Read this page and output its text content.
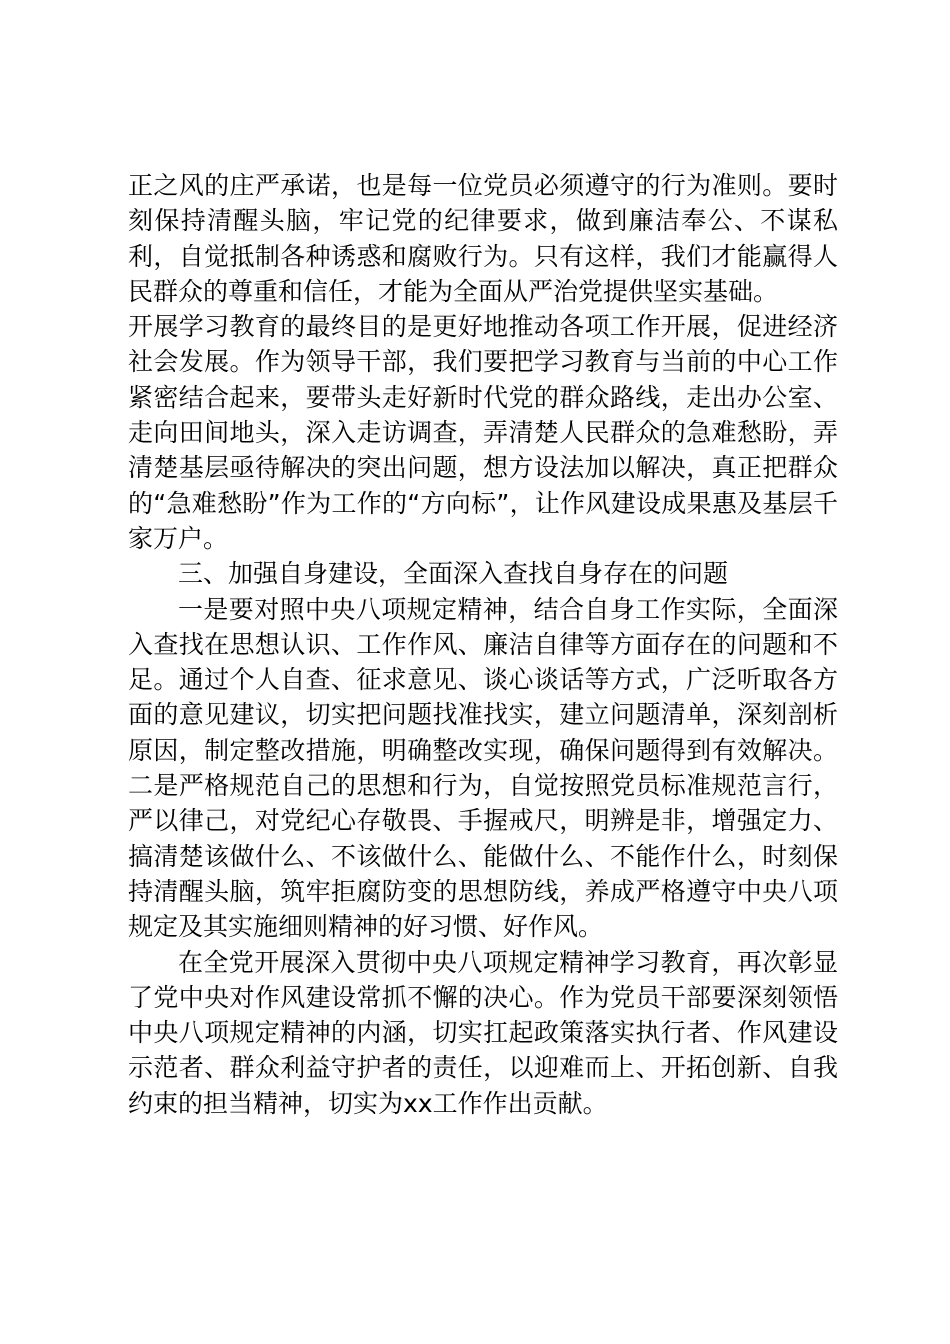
正之风的庄严承诺，也是每一位党员必须遵守的行为准则。要时刻保持清醒头脑，牢记党的纪律要求，做到廉洁奉公、不谋私利，自觉抵制各种诱惑和腐败行为。只有这样，我们才能赢得人民群众的尊重和信任，才能为全面从严治党提供坚实基础。

开展学习教育的最终目的是更好地推动各项工作开展，促进经济社会发展。作为领导干部，我们要把学习教育与当前的中心工作紧密结合起来，要带头走好新时代党的群众路线，走出办公室、走向田间地头，深入走访调查，弄清楚人民群众的急难愁盼，弄清楚基层亟待解决的突出问题，想方设法加以解决，真正把群众的“急难愁盼”作为工作的“方向标”，让作风建设成果惠及基层千家万户。

三、加强自身建设，全面深入查找自身存在的问题

一是要对照中央八项规定精神，结合自身工作实际，全面深入查找在思想认识、工作作风、廉洁自律等方面存在的问题和不足。通过个人自查、征求意见、谈心谈话等方式，广泛听取各方面的意见建议，切实把问题找准找实，建立问题清单，深刻剖析原因，制定整改措施，明确整改实现，确保问题得到有效解决。二是严格规范自己的思想和行为，自觉按照党员标准规范言行，严以律己，对党纪心存敬畏、手握戒尺，明辨是非，增强定力、搞清楚该做什么、不该做什么、能做什么、不能作什么，时刻保持清醒头脑，筑牢拒腐防变的思想防线，养成严格遵守中央八项规定及其实施细则精神的好习惯、好作风。

在全党开展深入贯彻中央八项规定精神学习教育，再次彰显了党中央对作风建设常抓不懈的决心。作为党员干部要深刻领悟中央八项规定精神的内涵，切实扛起政策落实执行者、作风建设示范者、群众利益守护者的责任，以迎难而上、开拓创新、自我约束的担当精神，切实为xx工作作出贡献。
